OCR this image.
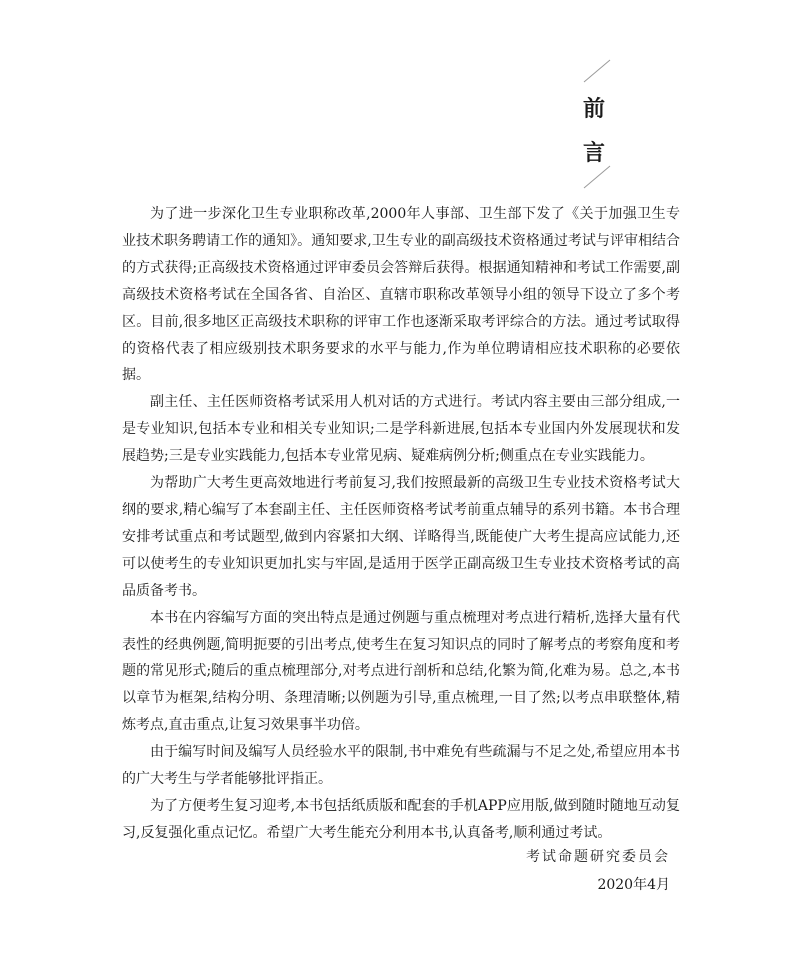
前
言

为了进一步深化卫生专业职称改革,2000年人事部、卫生部下发了《关于加强卫生专业技术职务聘请工作的通知》。通知要求,卫生专业的副高级技术资格通过考试与评审相结合的方式获得;正高级技术资格通过评审委员会答辩后获得。根据通知精神和考试工作需要,副高级技术资格考试在全国各省、自治区、直辖市职称改革领导小组的领导下设立了多个考区。目前,很多地区正高级技术职称的评审工作也逐渐采取考评综合的方法。通过考试取得的资格代表了相应级别技术职务要求的水平与能力,作为单位聘请相应技术职称的必要依据。

副主任、主任医师资格考试采用人机对话的方式进行。考试内容主要由三部分组成,一是专业知识,包括本专业和相关专业知识;二是学科新进展,包括本专业国内外发展现状和发展趋势;三是专业实践能力,包括本专业常见病、疑难病例分析;侧重点在专业实践能力。

为帮助广大考生更高效地进行考前复习,我们按照最新的高级卫生专业技术资格考试大纲的要求,精心编写了本套副主任、主任医师资格考试考前重点辅导的系列书籍。本书合理安排考试重点和考试题型,做到内容紧扣大纲、详略得当,既能使广大考生提高应试能力,还可以使考生的专业知识更加扎实与牢固,是适用于医学正副高级卫生专业技术资格考试的高品质备考书。

本书在内容编写方面的突出特点是通过例题与重点梳理对考点进行精析,选择大量有代表性的经典例题,简明扼要的引出考点,使考生在复习知识点的同时了解考点的考察角度和考题的常见形式;随后的重点梳理部分,对考点进行剖析和总结,化繁为简,化难为易。总之,本书以章节为框架,结构分明、条理清晰;以例题为引导,重点梳理,一目了然;以考点串联整体,精炼考点,直击重点,让复习效果事半功倍。

由于编写时间及编写人员经验水平的限制,书中难免有些疏漏与不足之处,希望应用本书的广大考生与学者能够批评指正。

为了方便考生复习迎考,本书包括纸质版和配套的手机APP应用版,做到随时随地互动复习,反复强化重点记忆。希望广大考生能充分利用本书,认真备考,顺利通过考试。

考试命题研究委员会
2020年4月
